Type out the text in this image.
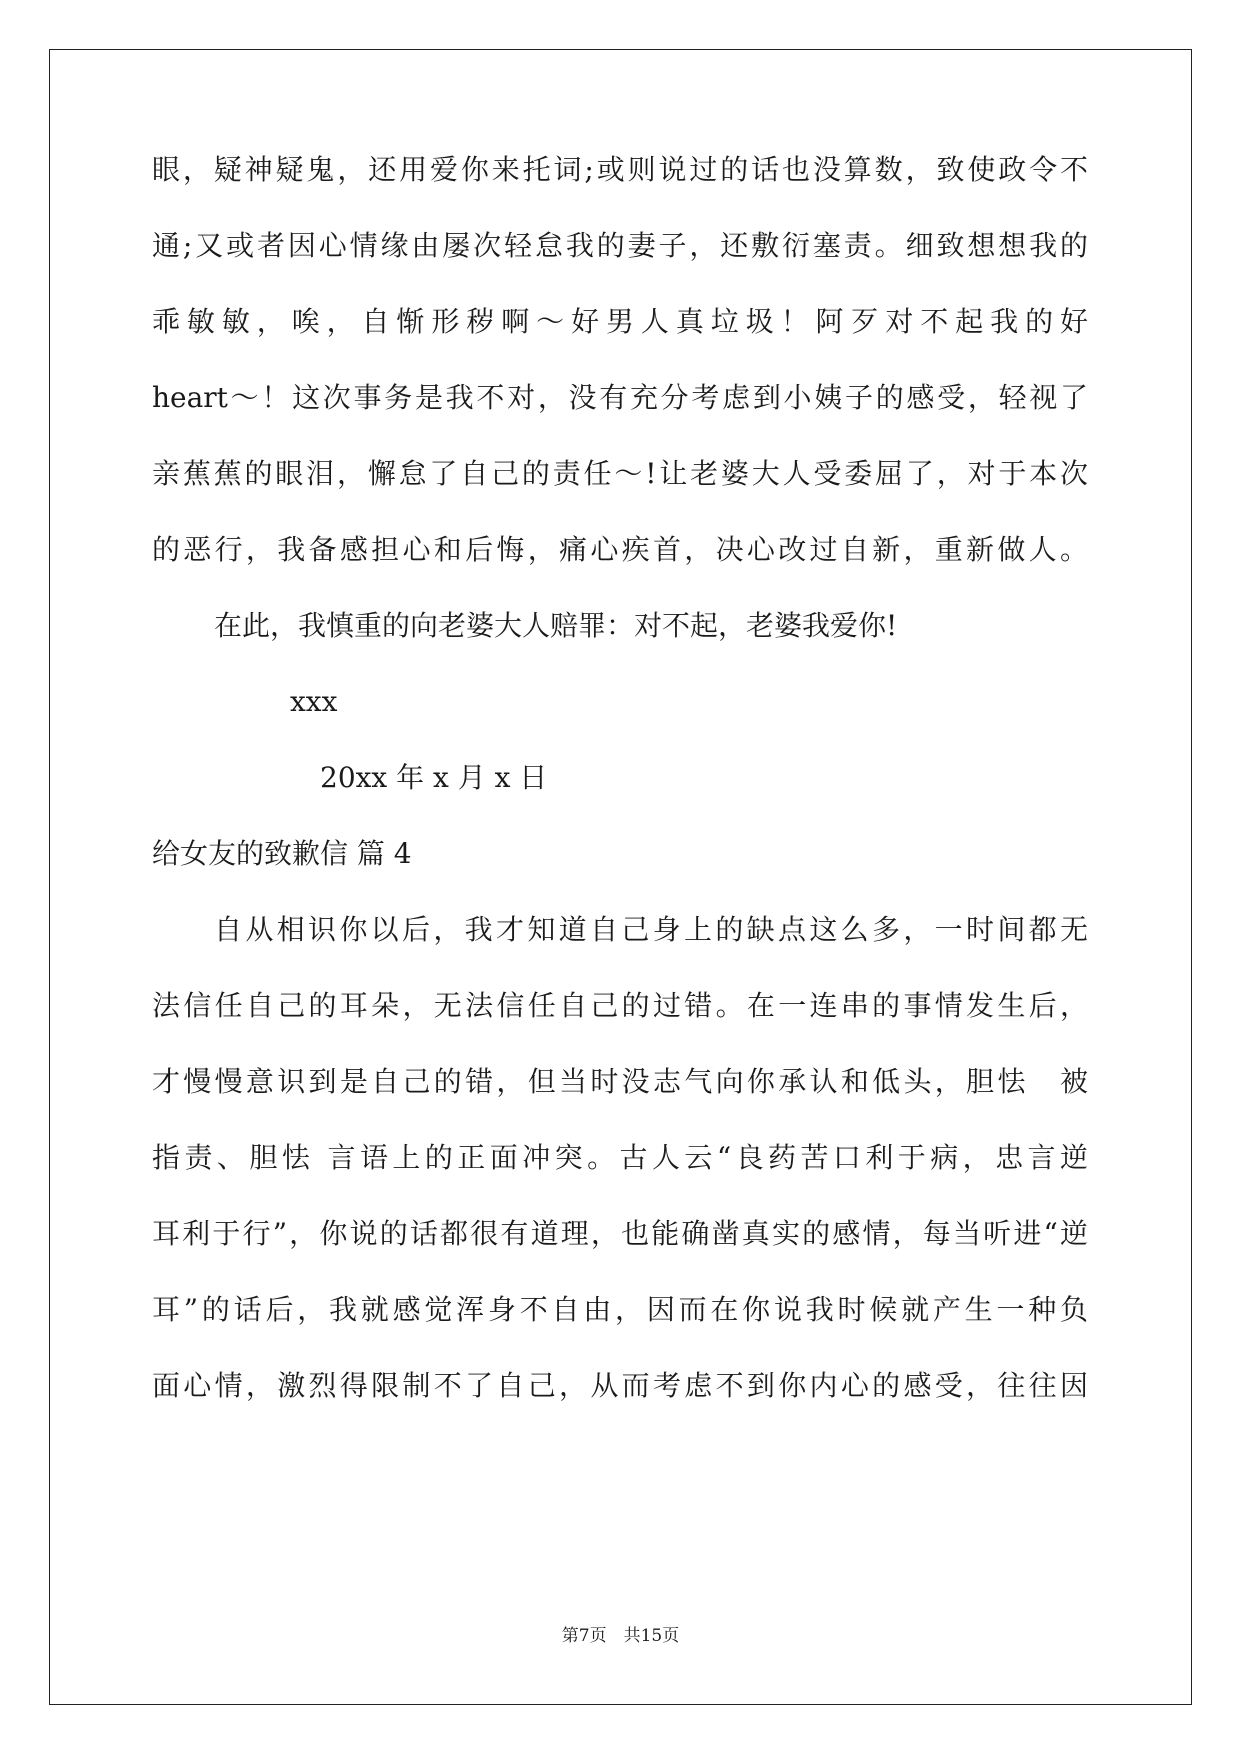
眼，疑神疑鬼，还用爱你来托词;或则说过的话也没算数，致使政令不
通;又或者因心情缘由屡次轻怠我的妻子，还敷衍塞责。细致想想我的
乖敏敏，唉，自惭形秽啊～好男人真垃圾！阿歹对不起我的好
heart～！这次事务是我不对，没有充分考虑到小姨子的感受，轻视了
亲蕉蕉的眼泪，懈怠了自己的责任～!让老婆大人受委屈了，对于本次
的恶行，我备感担心和后悔，痛心疾首，决心改过自新，重新做人。
在此，我慎重的向老婆大人赔罪：对不起，老婆我爱你!
xxx
20xx 年 x 月 x 日
给女友的致歉信 篇 4
自从相识你以后，我才知道自己身上的缺点这么多，一时间都无
法信任自己的耳朵，无法信任自己的过错。在一连串的事情发生后，
才慢慢意识到是自己的错，但当时没志气向你承认和低头，胆怯　被
指责、胆怯 言语上的正面冲突。古人云“良药苦口利于病，忠言逆
耳利于行”，你说的话都很有道理，也能确凿真实的感情，每当听进“逆
耳”的话后，我就感觉浑身不自由，因而在你说我时候就产生一种负
面心情，激烈得限制不了自己，从而考虑不到你内心的感受，往往因
第7页　共15页
